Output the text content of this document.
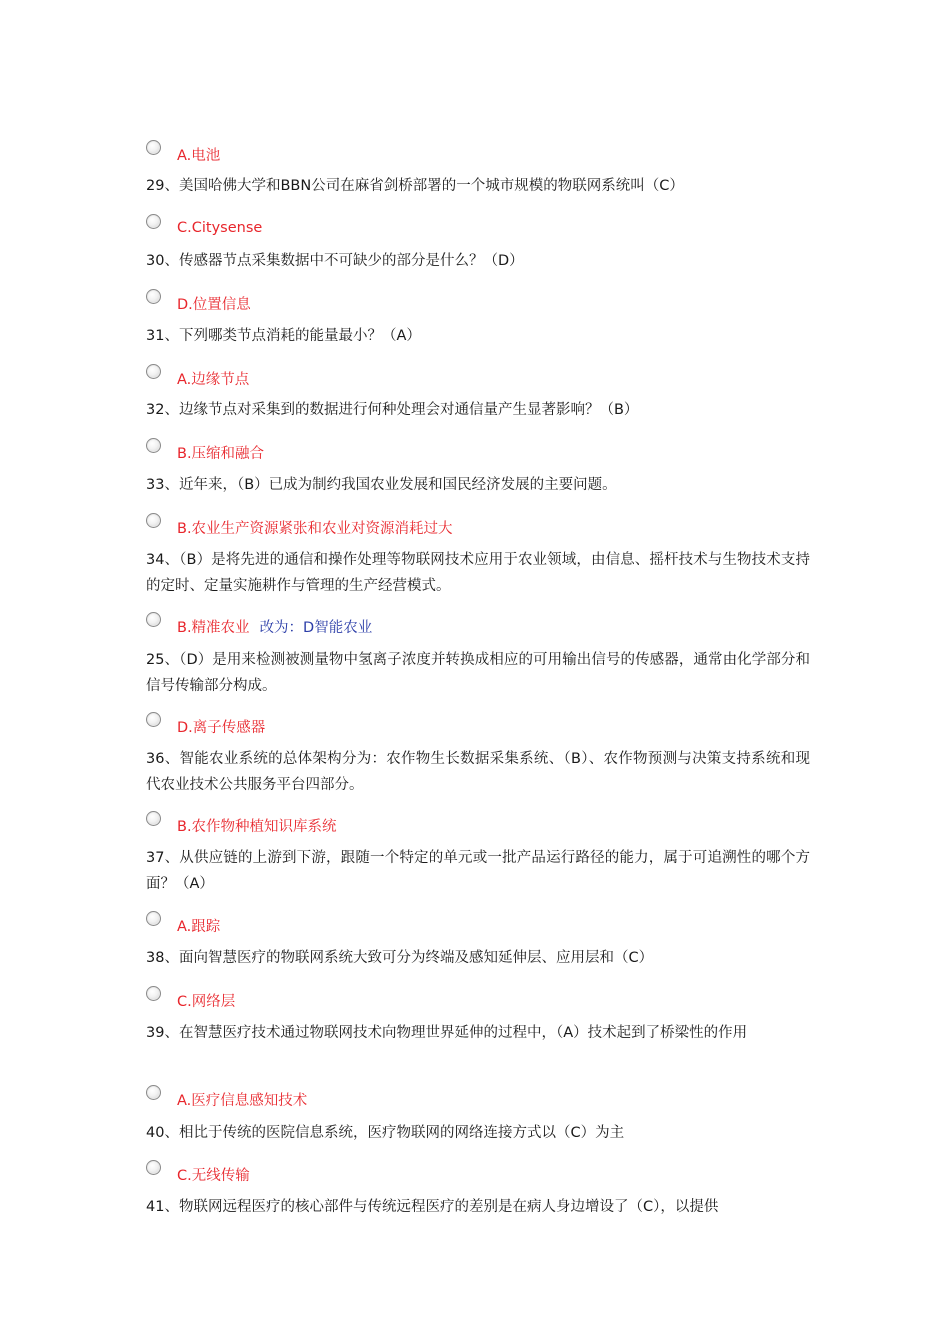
A.电池
29、美国哈佛大学和BBN公司在麻省剑桥部署的一个城市规模的物联网系统叫（C）
C.Citysense
30、传感器节点采集数据中不可缺少的部分是什么？（D）
D.位置信息
31、下列哪类节点消耗的能量最小？（A）
A.边缘节点
32、边缘节点对采集到的数据进行何种处理会对通信量产生显著影响？（B）
B.压缩和融合
33、近年来，（B）已成为制约我国农业发展和国民经济发展的主要问题。
B.农业生产资源紧张和农业对资源消耗过大
34、（B）是将先进的通信和操作处理等物联网技术应用于农业领域，由信息、摇杆技术与生物技术支持的定时、定量实施耕作与管理的生产经营模式。
B.精准农业 改为：D智能农业
25、（D）是用来检测被测量物中氢离子浓度并转换成相应的可用输出信号的传感器，通常由化学部分和信号传输部分构成。
D.离子传感器
36、智能农业系统的总体架构分为：农作物生长数据采集系统、（B）、农作物预测与决策支持系统和现代农业技术公共服务平台四部分。
B.农作物种植知识库系统
37、从供应链的上游到下游，跟随一个特定的单元或一批产品运行路径的能力，属于可追溯性的哪个方面？（A）
A.跟踪
38、面向智慧医疗的物联网系统大致可分为终端及感知延伸层、应用层和（C）
C.网络层
39、在智慧医疗技术通过物联网技术向物理世界延伸的过程中，（A）技术起到了桥梁性的作用
A.医疗信息感知技术
40、相比于传统的医院信息系统，医疗物联网的网络连接方式以（C）为主
C.无线传输
41、物联网远程医疗的核心部件与传统远程医疗的差别是在病人身边增设了（C），以提供
